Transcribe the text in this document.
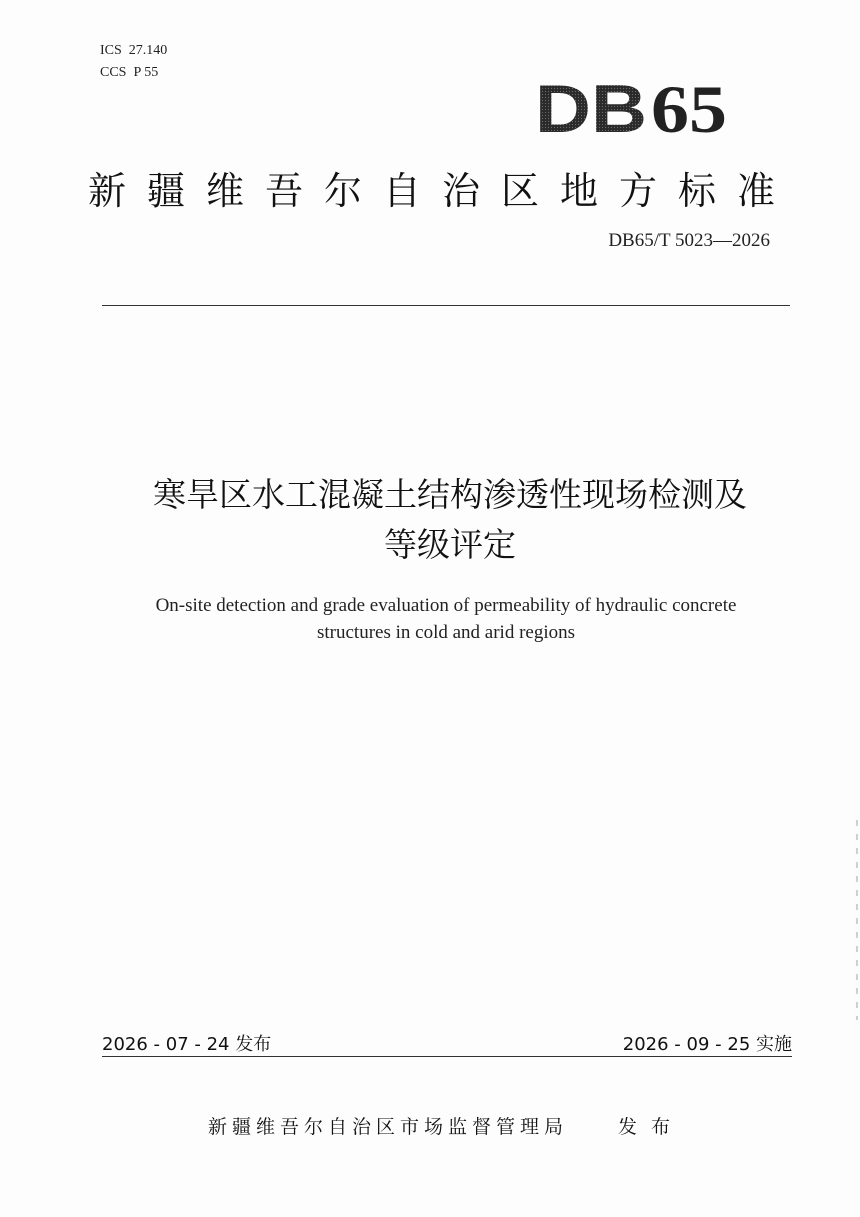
ICS  27.140
CCS  P 55	DB 65
新疆维吾尔自治区地方标准
DB65/T 5023—2026
寒旱区水工混凝土结构渗透性现场检测及
等级评定
On-site detection and grade evaluation of permeability of hydraulic concrete
structures in cold and arid regions
2026 - 07 - 24 发布	2026 - 09 - 25 实施
新疆维吾尔自治区市场监督管理局	发布
